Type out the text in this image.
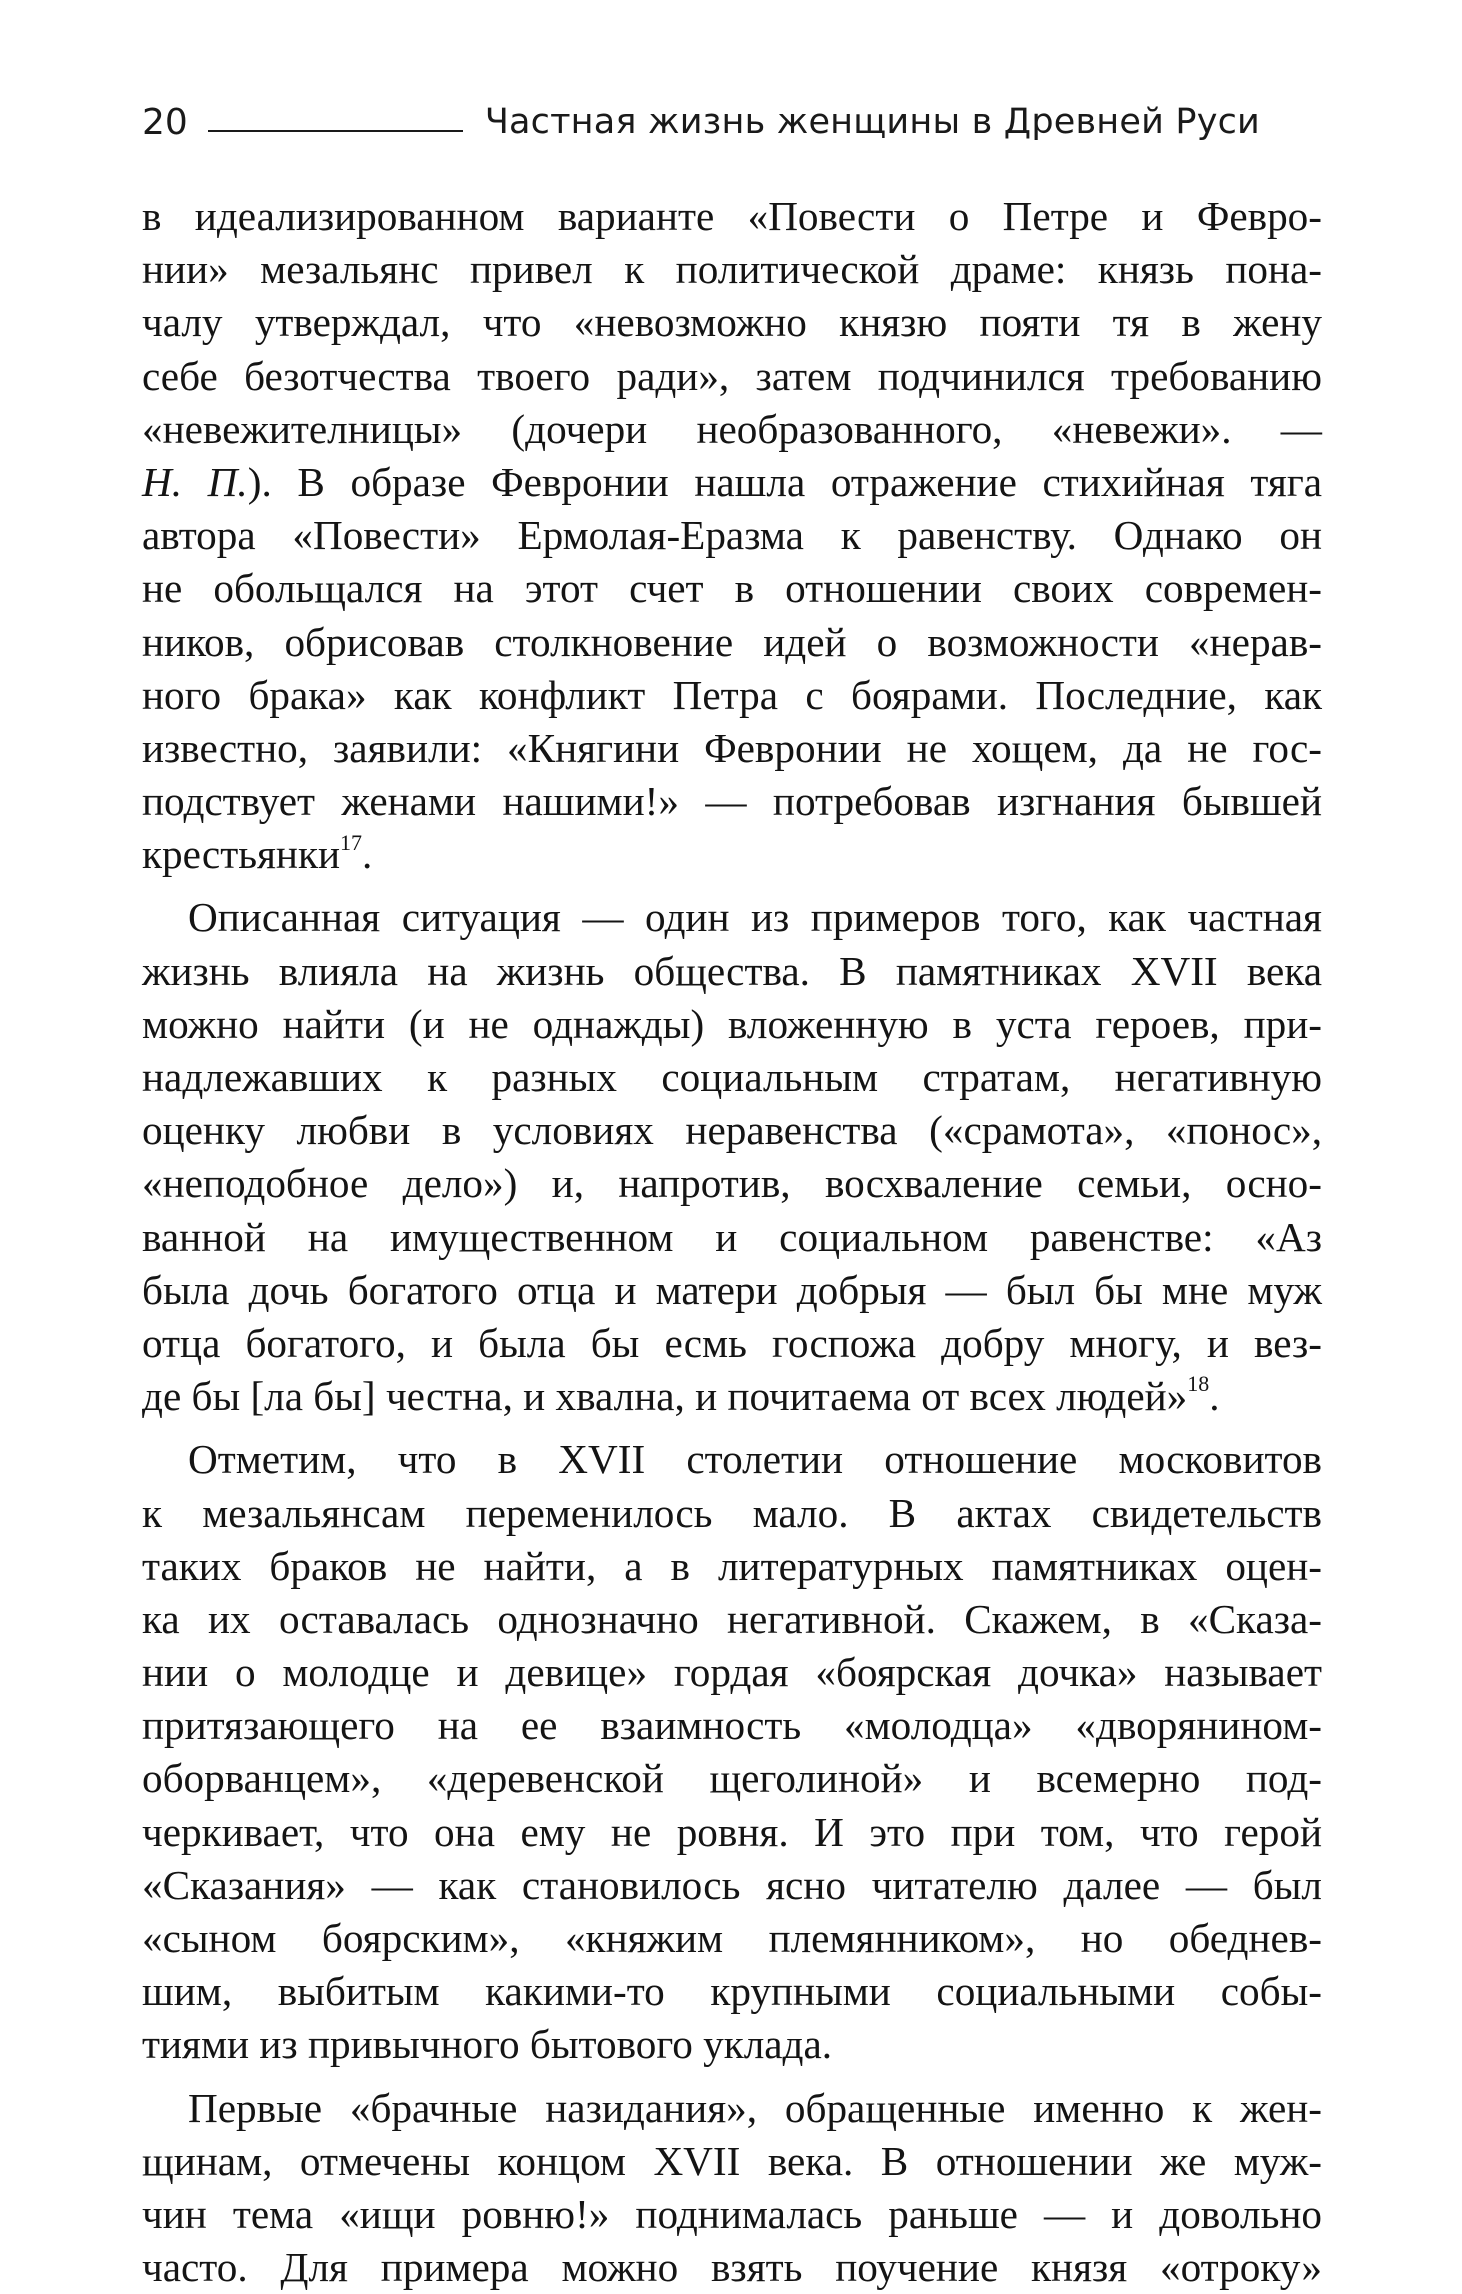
20	Частная жизнь женщины в Древней Руси
в идеализированном варианте «Повести о Петре и Февро-
нии» мезальянс привел к политической драме: князь пона-
чалу утверждал, что «невозможно князю пояти тя в жену
себе безотчества твоего ради», затем подчинился требованию
«невежителницы» (дочери необразованного, «невежи». —
Н. П.). В образе Февронии нашла отражение стихийная тяга
автора «Повести» Ермолая-Еразма к равенству. Однако он
не обольщался на этот счет в отношении своих современ-
ников, обрисовав столкновение идей о возможности «нерав-
ного брака» как конфликт Петра с боярами. Последние, как
известно, заявили: «Княгини Февронии не хощем, да не гос-
подствует женами нашими!» — потребовав изгнания бывшей
крестьянки$^{17}$.
Описанная ситуация — один из примеров того, как частная
жизнь влияла на жизнь общества. В памятниках XVII века
можно найти (и не однажды) вложенную в уста героев, при-
надлежавших к разных социальным стратам, негативную
оценку любви в условиях неравенства («срамота», «понос»,
«неподобное дело») и, напротив, восхваление семьи, осно-
ванной на имущественном и социальном равенстве: «Аз
была дочь богатого отца и матери добрыя — был бы мне муж
отца богатого, и была бы есмь госпожа добру многу, и вез-
де бы [ла бы] честна, и хвална, и почитаема от всех людей»$^{18}$.
Отметим, что в XVII столетии отношение московитов
к мезальянсам переменилось мало. В актах свидетельств
таких браков не найти, а в литературных памятниках оцен-
ка их оставалась однозначно негативной. Скажем, в «Сказа-
нии о молодце и девице» гордая «боярская дочка» называет
притязающего на ее взаимность «молодца» «дворянином-
оборванцем», «деревенской щеголиной» и всемерно под-
черкивает, что она ему не ровня. И это при том, что герой
«Сказания» — как становилось ясно читателю далее — был
«сыном боярским», «княжим племянником», но обеднев-
шим, выбитым какими-то крупными социальными собы-
тиями из привычного бытового уклада.
Первые «брачные назидания», обращенные именно к жен-
щинам, отмечены концом XVII века. В отношении же муж-
чин тема «ищи ровню!» поднималась раньше — и довольно
часто. Для примера можно взять поучение князя «отроку»
